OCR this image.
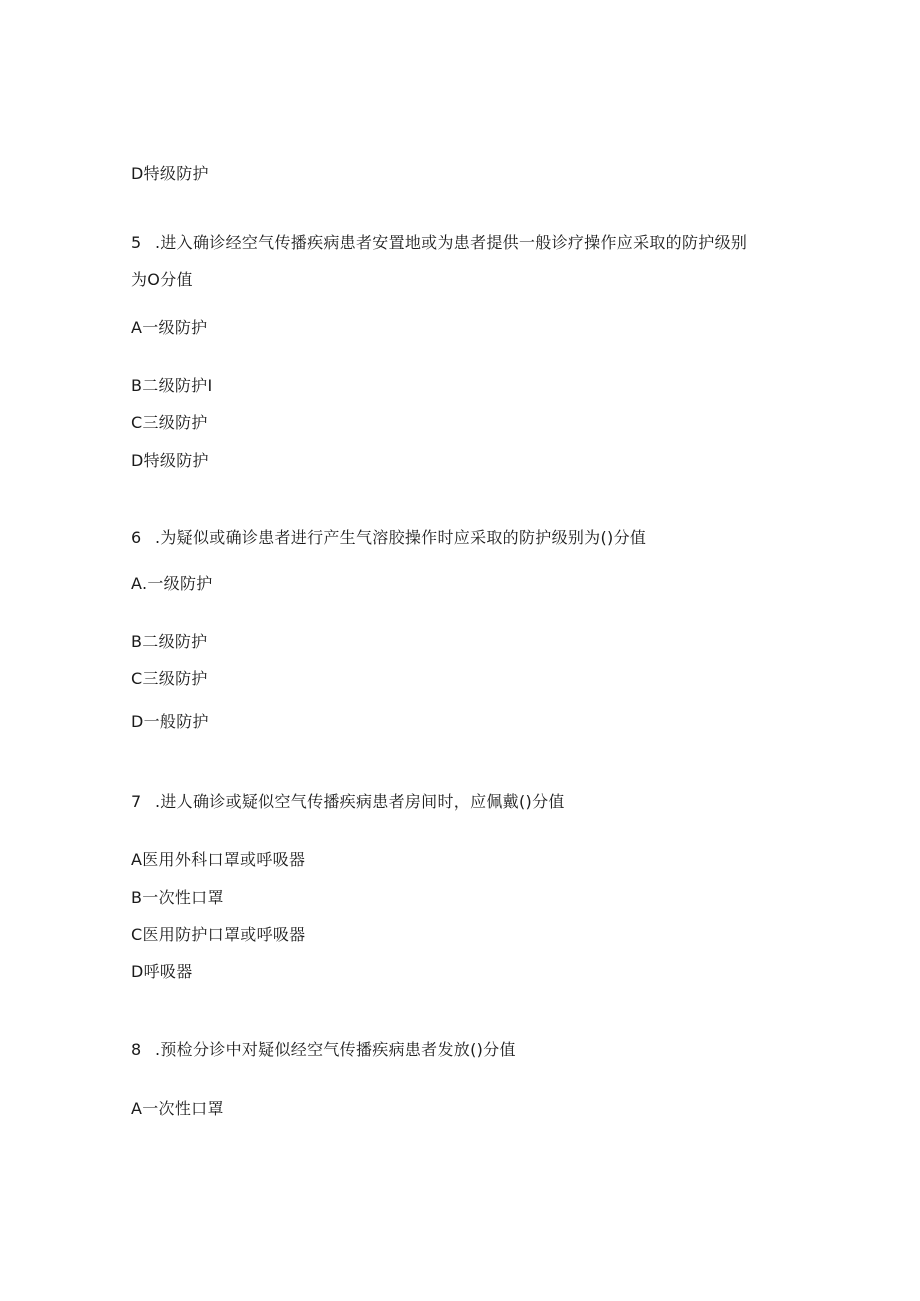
D特级防护
5 .进入确诊经空气传播疾病患者安置地或为患者提供一般诊疗操作应采取的防护级别
为O分值
A一级防护
B二级防护I
C三级防护
D特级防护
6 .为疑似或确诊患者进行产生气溶胶操作时应采取的防护级别为()分值
A.一级防护
B二级防护
C三级防护
D一般防护
7 .进人确诊或疑似空气传播疾病患者房间时，应佩戴()分值
A医用外科口罩或呼吸器
B一次性口罩
C医用防护口罩或呼吸器
D呼吸器
8 .预检分诊中对疑似经空气传播疾病患者发放()分值
A一次性口罩
